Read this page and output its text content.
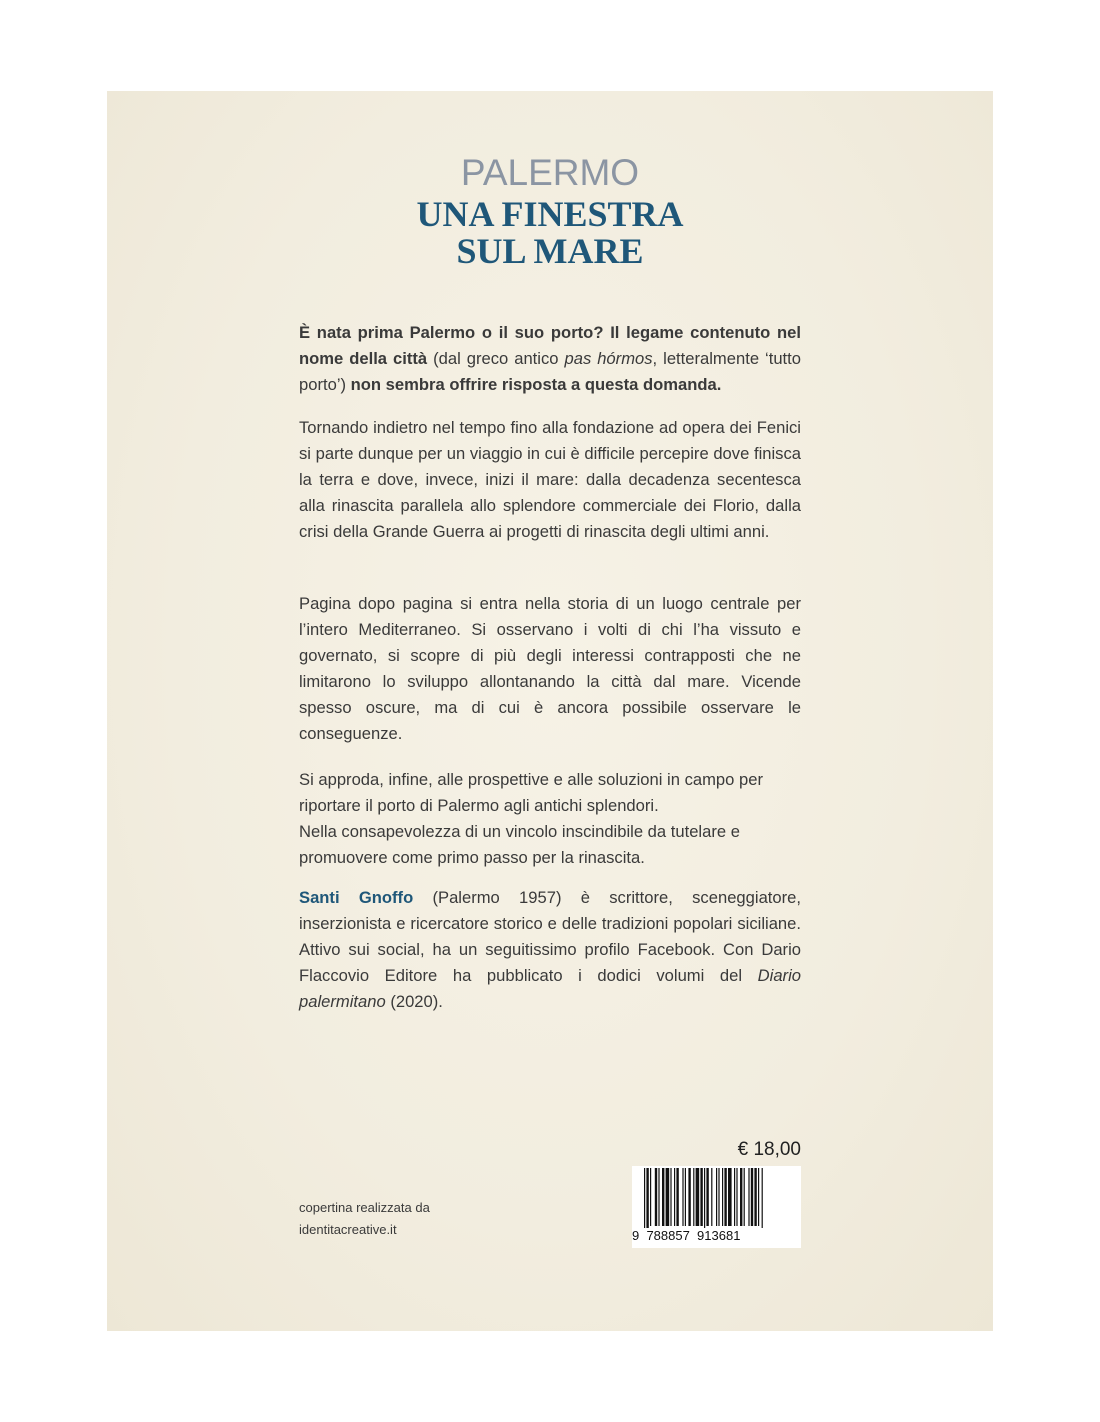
PALERMO
UNA FINESTRA
SUL MARE

È nata prima Palermo o il suo porto? Il legame contenuto nel nome della città (dal greco antico pas hórmos, letteralmente ‘tutto porto’) non sembra offrire risposta a questa domanda.

Tornando indietro nel tempo fino alla fondazione ad opera dei Fenici si parte dunque per un viaggio in cui è difficile percepire dove finisca la terra e dove, invece, inizi il mare: dalla decadenza secentesca alla rinascita parallela allo splendore commerciale dei Florio, dalla crisi della Grande Guerra ai progetti di rinascita degli ultimi anni.

Pagina dopo pagina si entra nella storia di un luogo centrale per l’intero Mediterraneo. Si osservano i volti di chi l’ha vissuto e governato, si scopre di più degli interessi contrapposti che ne limitarono lo sviluppo allontanando la città dal mare. Vicende spesso oscure, ma di cui è ancora possibile osservare le conseguenze.

Si approda, infine, alle prospettive e alle soluzioni in campo per riportare il porto di Palermo agli antichi splendori.

Nella consapevolezza di un vincolo inscindibile da tutelare e promuovere come primo passo per la rinascita.

Santi Gnoffo (Palermo 1957) è scrittore, sceneggiatore, inserzionista e ricercatore storico e delle tradizioni popolari siciliane. Attivo sui social, ha un seguitissimo profilo Facebook. Con Dario Flaccovio Editore ha pubblicato i dodici volumi del Diario palermitano (2020).

copertina realizzata da
identitacreative.it
€ 18,00
9  788857  913681
